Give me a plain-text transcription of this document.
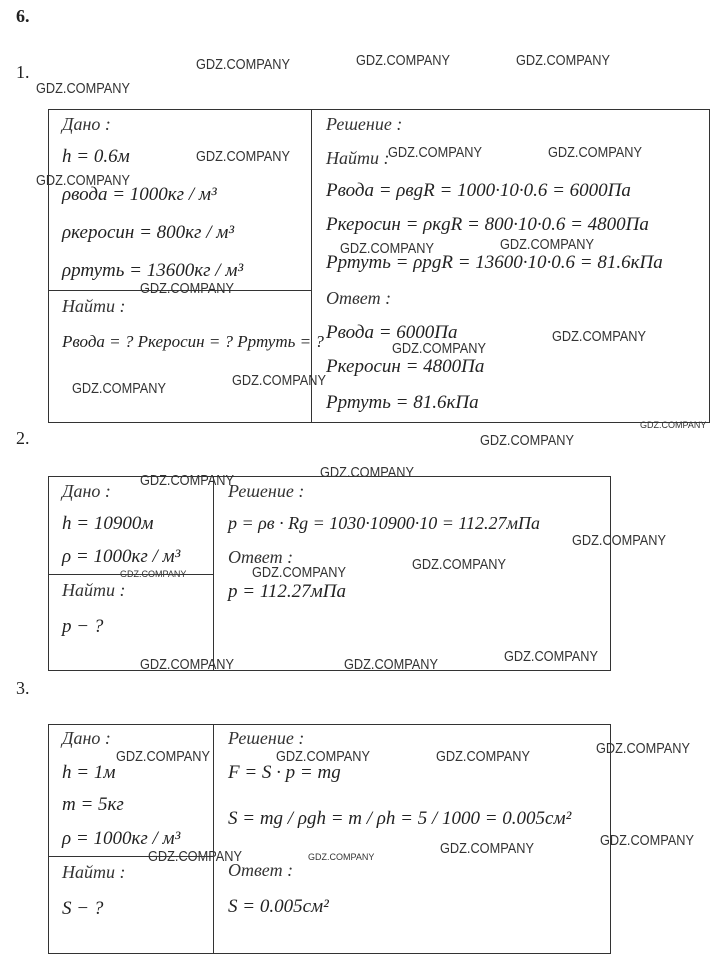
6.
1.
Дано :
h = 0.6м
ρвода = 1000кг / м³
ρкеросин = 800кг / м³
ρртуть = 13600кг / м³
Найти :
Pвода = ? Pкеросин = ? Pртуть = ?
Решение :
Найти :
Pвода = ρвgR = 1000·10·0.6 = 6000Па
Pкеросин = ρкgR = 800·10·0.6 = 4800Па
Pртуть = ρрgR = 13600·10·0.6 = 81.6кПа
Ответ :
Pвода = 6000Па
Pкеросин = 4800Па
Pртуть = 81.6кПа
2.
Дано :
h = 10900м
ρ = 1000кг / м³
Найти :
p − ?
Решение :
p = ρв · Rg = 1030·10900·10 = 112.27мПа
Ответ :
p = 112.27мПа
3.
Дано :
h = 1м
m = 5кг
ρ = 1000кг / м³
Найти :
S − ?
Решение :
F = S · p = mg
S = mg / ρgh = m / ρh = 5 / 1000 = 0.005см²
Ответ :
S = 0.005см²
GDZ.COMPANY	GDZ.COMPANY	GDZ.COMPANY
GDZ.COMPANY
GDZ.COMPANY	GDZ.COMPANY	GDZ.COMPANY
GDZ.COMPANY
GDZ.COMPANY	GDZ.COMPANY
GDZ.COMPANY
GDZ.COMPANY
GDZ.COMPANY
GDZ.COMPANY
GDZ.COMPANY
GDZ.COMPANY
GDZ.COMPANY
GDZ.COMPANY
GDZ.COMPANY
GDZ.COMPANY
GDZ.COMPANY
GDZ.COMPANY	GDZ.COMPANY
GDZ.COMPANY
GDZ.COMPANY	GDZ.COMPANY
GDZ.COMPANY
GDZ.COMPANY	GDZ.COMPANY	GDZ.COMPANY
GDZ.COMPANY
GDZ.COMPANY
GDZ.COMPANY	GDZ.COMPANY
